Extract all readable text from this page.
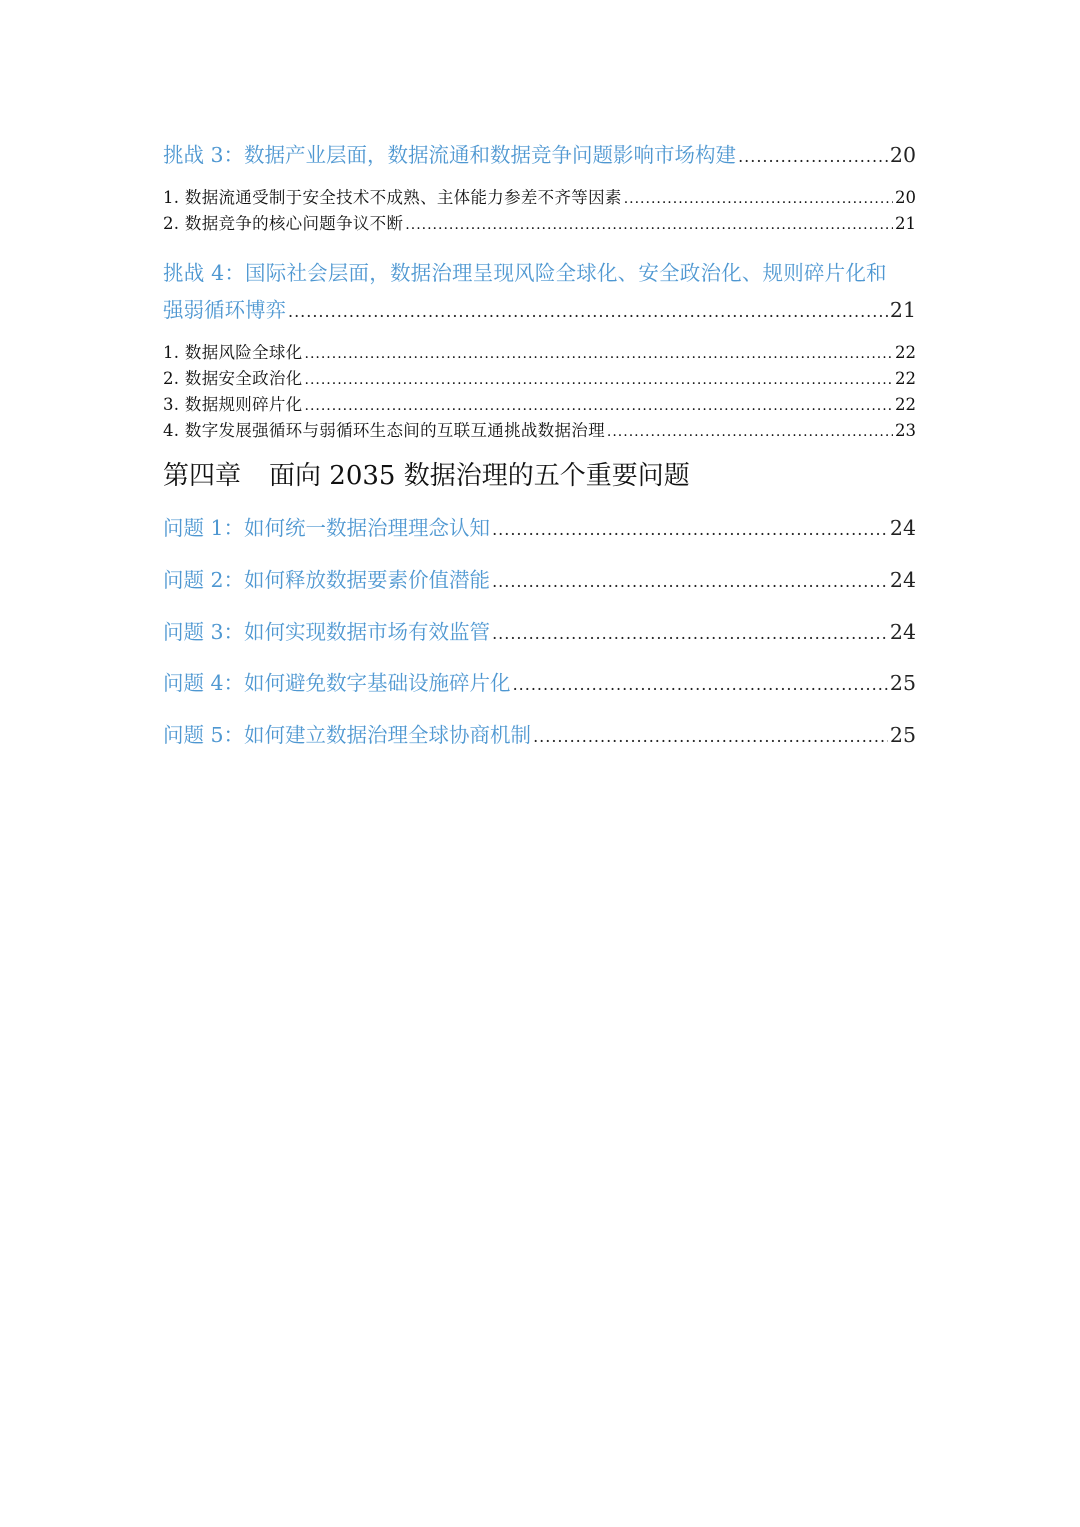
挑战 3：数据产业层面，数据流通和数据竞争问题影响市场构建 .....	20
1. 数据流通受制于安全技术不成熟、主体能力参差不齐等因素 .....	20
2. 数据竞争的核心问题争议不断 .....	21
挑战 4：国际社会层面，数据治理呈现风险全球化、安全政治化、规则碎片化和
强弱循环博弈 .....	21
1. 数据风险全球化 .....	22
2. 数据安全政治化 .....	22
3. 数据规则碎片化 .....	22
4. 数字发展强循环与弱循环生态间的互联互通挑战数据治理 .....	23
第四章 面向 2035 数据治理的五个重要问题
问题 1：如何统一数据治理理念认知 .....	24
问题 2：如何释放数据要素价值潜能 .....	24
问题 3：如何实现数据市场有效监管 .....	24
问题 4：如何避免数字基础设施碎片化 .....	25
问题 5：如何建立数据治理全球协商机制 .....	25
